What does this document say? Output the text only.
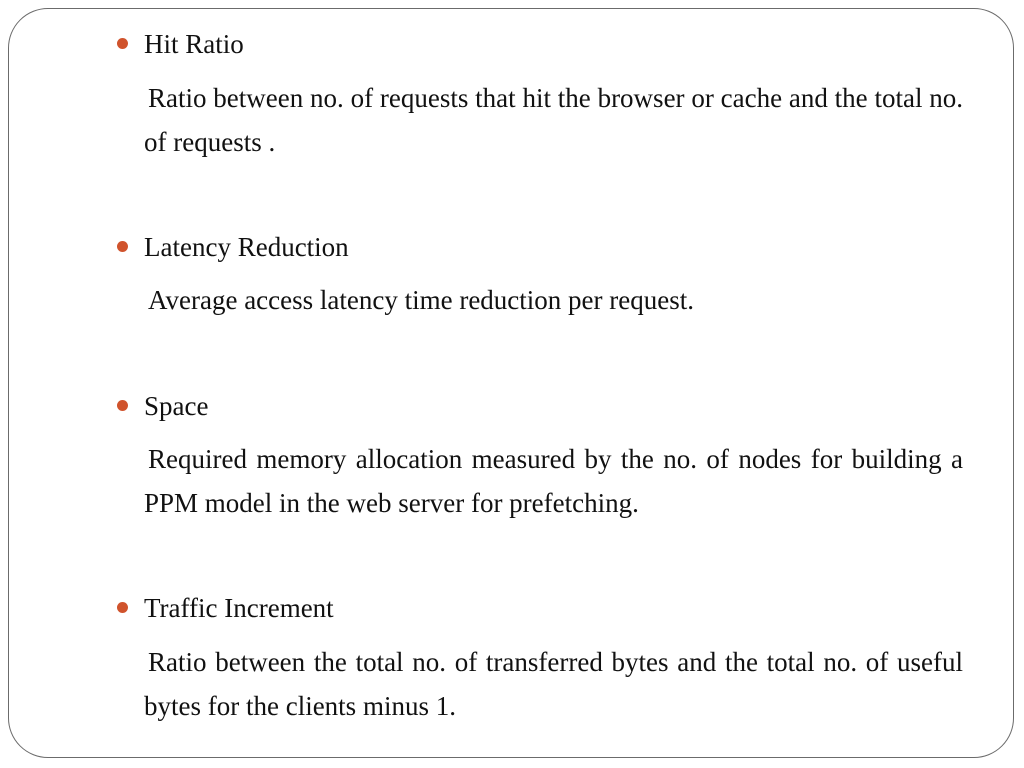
Hit Ratio
Ratio between no. of requests that hit the browser or cache and the total no. of requests .
Latency Reduction
Average access latency time reduction per request.
Space
Required memory allocation measured by the no. of nodes for building a PPM model in the web server for prefetching.
Traffic Increment
Ratio between the total no. of transferred bytes and the total no. of useful bytes for the clients minus 1.
